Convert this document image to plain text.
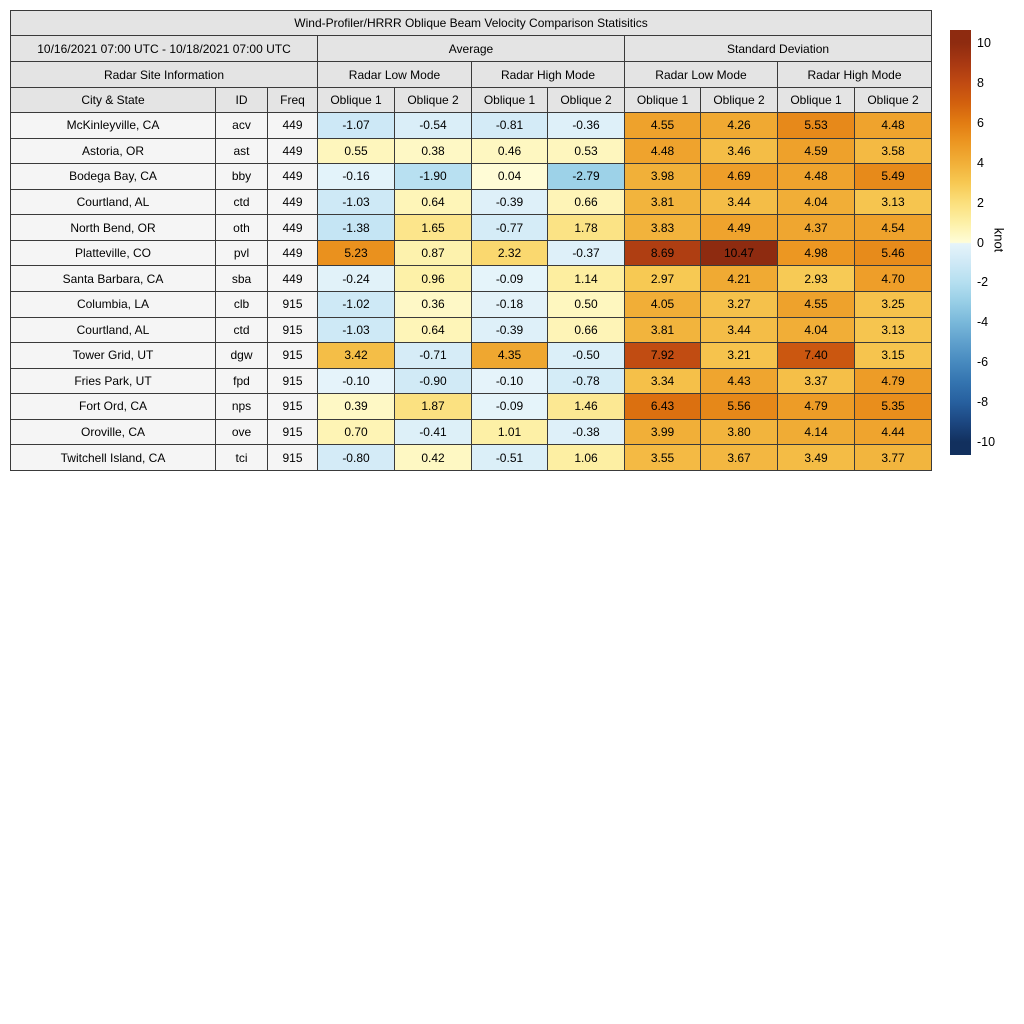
Wind-Profiler/HRRR Oblique Beam Velocity Comparison Statisitics										
10/16/2021 07:00 UTC - 10/18/2021 07:00 UTC			Average				Standard Deviation			
Radar Site Information			Radar Low Mode		Radar High Mode		Radar Low Mode		Radar High Mode	
City & State	ID	Freq	Oblique 1	Oblique 2	Oblique 1	Oblique 2	Oblique 1	Oblique 2	Oblique 1	Oblique 2
McKinleyville, CA	acv	449	-1.07	-0.54	-0.81	-0.36	4.55	4.26	5.53	4.48
Astoria, OR	ast	449	0.55	0.38	0.46	0.53	4.48	3.46	4.59	3.58
Bodega Bay, CA	bby	449	-0.16	-1.90	0.04	-2.79	3.98	4.69	4.48	5.49
Courtland, AL	ctd	449	-1.03	0.64	-0.39	0.66	3.81	3.44	4.04	3.13
North Bend, OR	oth	449	-1.38	1.65	-0.77	1.78	3.83	4.49	4.37	4.54
Platteville, CO	pvl	449	5.23	0.87	2.32	-0.37	8.69	10.47	4.98	5.46
Santa Barbara, CA	sba	449	-0.24	0.96	-0.09	1.14	2.97	4.21	2.93	4.70
Columbia, LA	clb	915	-1.02	0.36	-0.18	0.50	4.05	3.27	4.55	3.25
Courtland, AL	ctd	915	-1.03	0.64	-0.39	0.66	3.81	3.44	4.04	3.13
Tower Grid, UT	dgw	915	3.42	-0.71	4.35	-0.50	7.92	3.21	7.40	3.15
Fries Park, UT	fpd	915	-0.10	-0.90	-0.10	-0.78	3.34	4.43	3.37	4.79
Fort Ord, CA	nps	915	0.39	1.87	-0.09	1.46	6.43	5.56	4.79	5.35
Oroville, CA	ove	915	0.70	-0.41	1.01	-0.38	3.99	3.80	4.14	4.44
Twitchell Island, CA	tci	915	-0.80	0.42	-0.51	1.06	3.55	3.67	3.49	3.77
10
8
6
4
2
0
-2
-4
-6
-8
-10
knot
